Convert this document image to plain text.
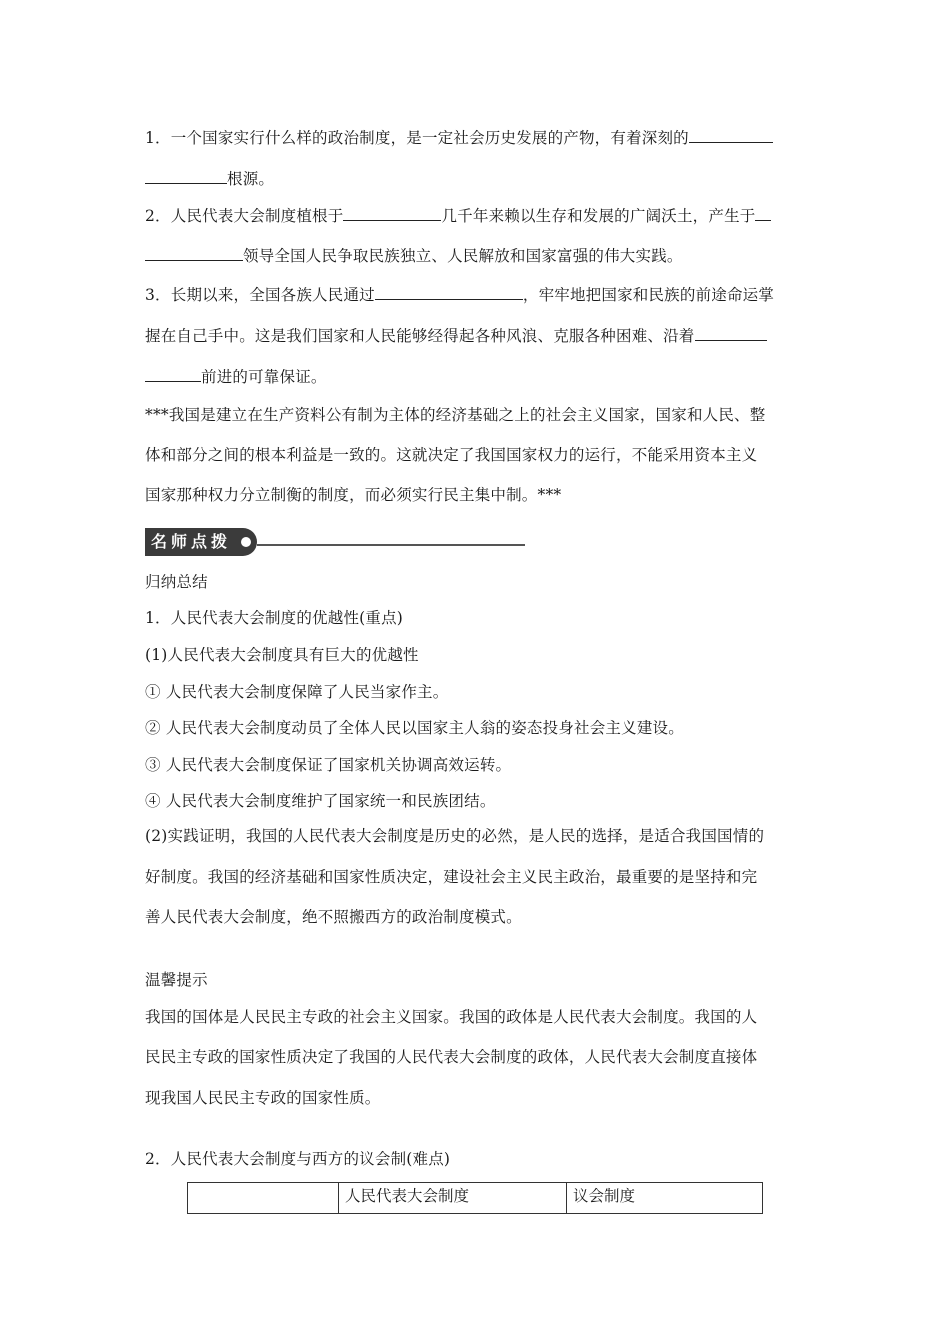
1．一个国家实行什么样的政治制度，是一定社会历史发展的产物，有着深刻的
根源。
2．人民代表大会制度植根于	几千年来赖以生存和发展的广阔沃土，产生于
领导全国人民争取民族独立、人民解放和国家富强的伟大实践。
3．长期以来，全国各族人民通过	，牢牢地把国家和民族的前途命运掌
握在自己手中。这是我们国家和人民能够经得起各种风浪、克服各种困难、沿着
前进的可靠保证。
***我国是建立在生产资料公有制为主体的经济基础之上的社会主义国家，国家和人民、整
体和部分之间的根本利益是一致的。这就决定了我国国家权力的运行，不能采用资本主义
国家那种权力分立制衡的制度，而必须实行民主集中制。***
名师点拨
归纳总结
1．人民代表大会制度的优越性(重点)
(1)人民代表大会制度具有巨大的优越性
① 人民代表大会制度保障了人民当家作主。
② 人民代表大会制度动员了全体人民以国家主人翁的姿态投身社会主义建设。
③ 人民代表大会制度保证了国家机关协调高效运转。
④ 人民代表大会制度维护了国家统一和民族团结。
(2)实践证明，我国的人民代表大会制度是历史的必然，是人民的选择，是适合我国国情的
好制度。我国的经济基础和国家性质决定，建设社会主义民主政治，最重要的是坚持和完
善人民代表大会制度，绝不照搬西方的政治制度模式。
温馨提示
我国的国体是人民民主专政的社会主义国家。我国的政体是人民代表大会制度。我国的人
民民主专政的国家性质决定了我国的人民代表大会制度的政体，人民代表大会制度直接体
现我国人民民主专政的国家性质。
2．人民代表大会制度与西方的议会制(难点)
	人民代表大会制度	议会制度
